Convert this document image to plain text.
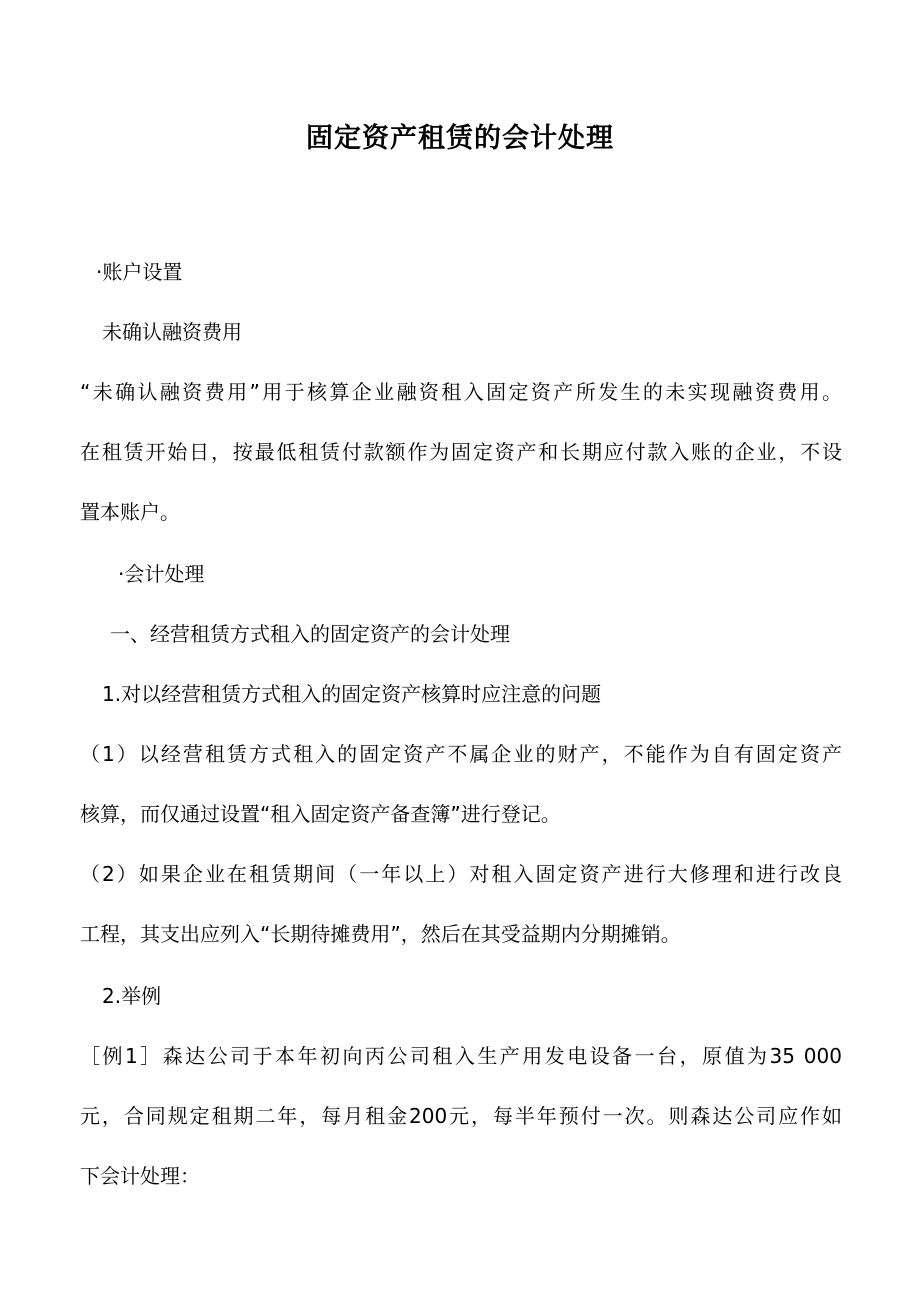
固定资产租赁的会计处理

·账户设置

未确认融资费用

“未确认融资费用”用于核算企业融资租入固定资产所发生的未实现融资费用。

在租赁开始日，按最低租赁付款额作为固定资产和长期应付款入账的企业，不设

置本账户。

·会计处理

一、经营租赁方式租入的固定资产的会计处理

1.对以经营租赁方式租入的固定资产核算时应注意的问题

（1）以经营租赁方式租入的固定资产不属企业的财产，不能作为自有固定资产

核算，而仅通过设置“租入固定资产备查簿”进行登记。

（2）如果企业在租赁期间（一年以上）对租入固定资产进行大修理和进行改良

工程，其支出应列入“长期待摊费用”，然后在其受益期内分期摊销。

2.举例

［例1］森达公司于本年初向丙公司租入生产用发电设备一台，原值为35 000

元，合同规定租期二年，每月租金200元，每半年预付一次。则森达公司应作如

下会计处理：
